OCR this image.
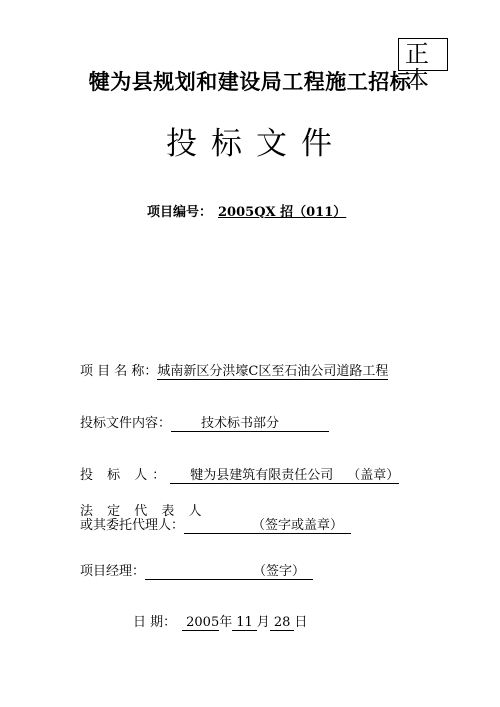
正本
犍为县规划和建设局工程施工招标
投标文件
项目编号： 2005QX 招（011）
项 目 名 称：城南新区分洪壕C区至石油公司道路工程
投标文件内容： 技术标书部分
投 标 人： 犍为县建筑有限责任公司 （盖章）
法 定 代 表 人
或其委托代理人：	（签字或盖章）
项目经理：	（签字）
日 期： 2005年 11 月 28 日
